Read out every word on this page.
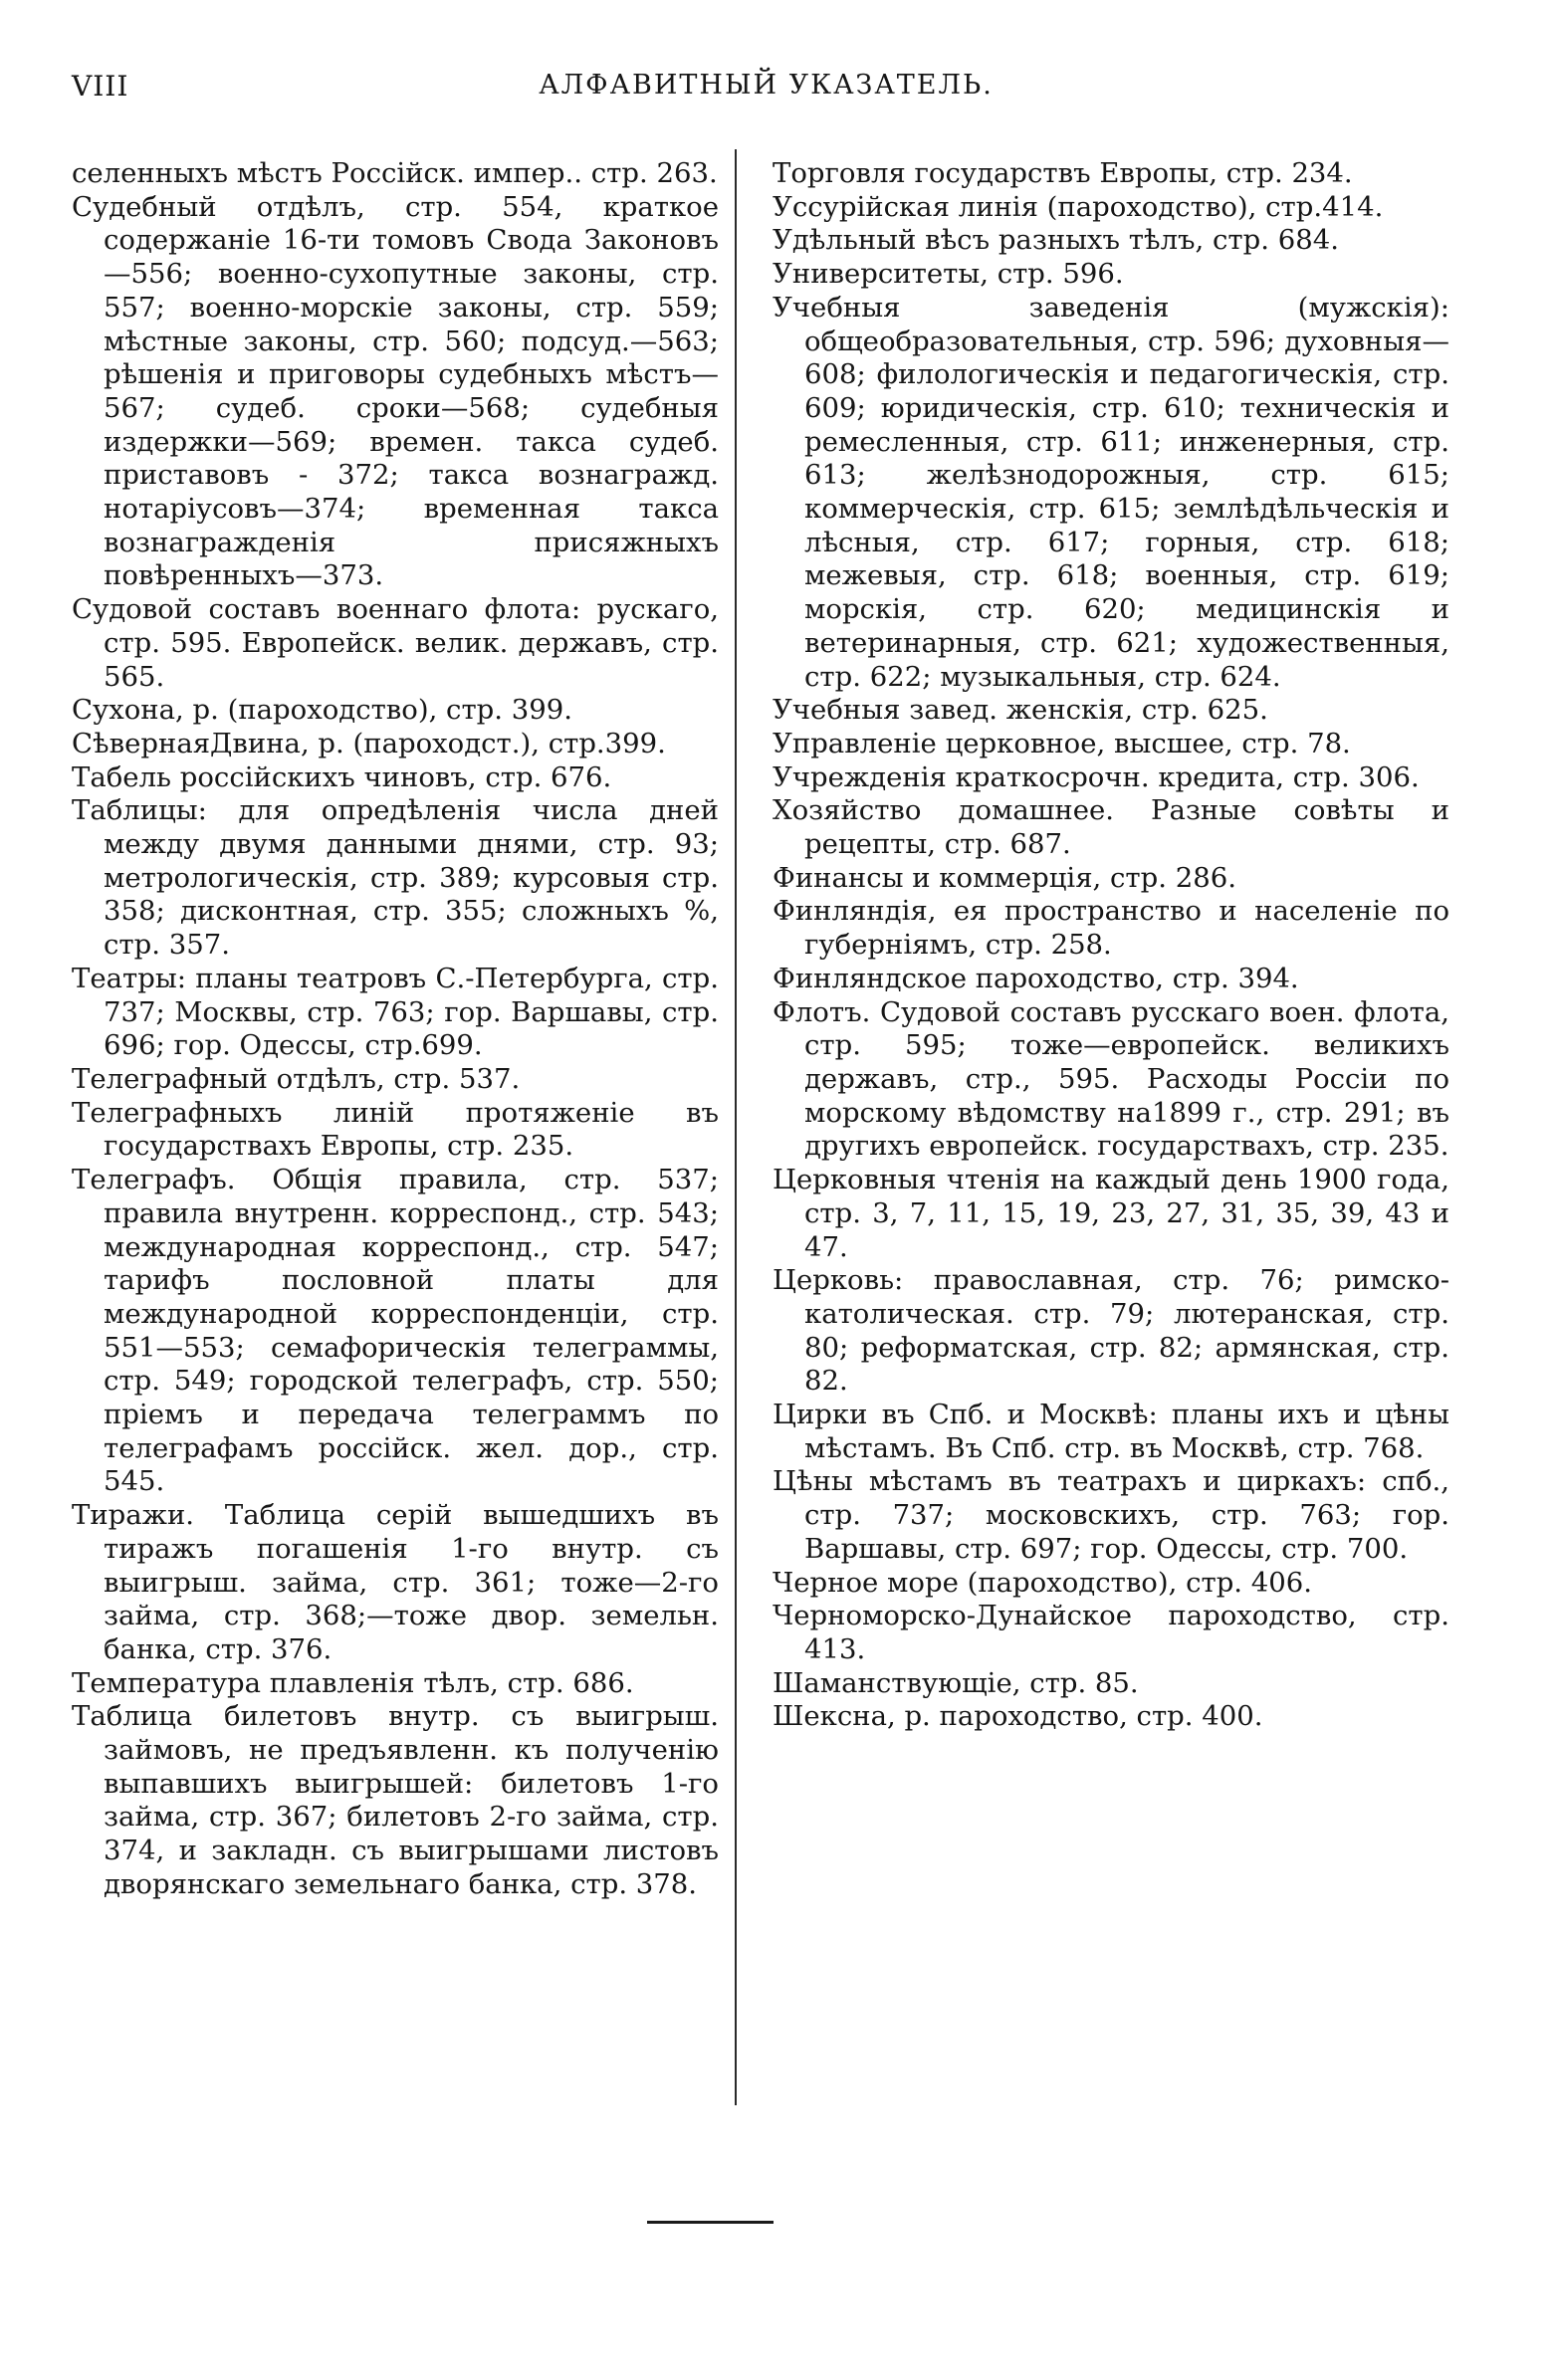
VIII	АЛФАВИТНЫЙ УКАЗАТЕЛЬ.

селенныхъ мѣстъ Россійск. импер.. стр. 263.

Судебный отдѣлъ, стр. 554, краткое содержаніе 16-ти томовъ Свода Законовъ—556; военно-сухопутные законы, стр. 557; военно-морскіе законы, стр. 559; мѣстные законы, стр. 560; подсуд.—563; рѣшенія и приговоры судебныхъ мѣстъ—567; судеб. сроки—568; судебныя издержки—569; времен. такса судеб. приставовъ - 372; такса вознагражд. нотаріусовъ—374; временная такса вознагражденія присяжныхъ повѣренныхъ—373.

Судовой составъ военнаго флота: рускаго, стр. 595. Европейск. велик. державъ, стр. 565.

Сухона, р. (пароходство), стр. 399.

СѣвернаяДвина, р. (пароходст.), стр.399.

Табель россійскихъ чиновъ, стр. 676.

Таблицы: для опредѣленія числа дней между двумя данными днями, стр. 93; метрологическія, стр. 389; курсовыя стр. 358; дисконтная, стр. 355; сложныхъ %, стр. 357.

Театры: планы театровъ С.-Петербурга, стр. 737; Москвы, стр. 763; гор. Варшавы, стр. 696; гор. Одессы, стр.699.

Телеграфный отдѣлъ, стр. 537.

Телеграфныхъ линій протяженіе въ государствахъ Европы, стр. 235.

Телеграфъ. Общія правила, стр. 537; правила внутренн. корреспонд., стр. 543; международная корреспонд., стр. 547; тарифъ пословной платы для международной корреспонденціи, стр. 551—553; семафорическія телеграммы, стр. 549; городской телеграфъ, стр. 550; пріемъ и передача телеграммъ по телеграфамъ россійск. жел. дор., стр. 545.

Тиражи. Таблица серій вышедшихъ въ тиражъ погашенія 1-го внутр. съ выигрыш. займа, стр. 361; тоже—2-го займа, стр. 368;—тоже двор. земельн. банка, стр. 376.

Температура плавленія тѣлъ, стр. 686.

Таблица билетовъ внутр. съ выигрыш. займовъ, не предъявленн. къ полученію выпавшихъ выигрышей: билетовъ 1-го займа, стр. 367; билетовъ 2-го займа, стр. 374, и закладн. съ выигрышами листовъ дворянскаго земельнаго банка, стр. 378.

Торговля государствъ Европы, стр. 234.

Уссурійская линія (пароходство), стр.414.

Удѣльный вѣсъ разныхъ тѣлъ, стр. 684.

Университеты, стр. 596.

Учебныя заведенія (мужскія): общеобразовательныя, стр. 596; духовныя—608; филологическія и педагогическія, стр. 609; юридическія, стр. 610; техническія и ремесленныя, стр. 611; инженерныя, стр. 613; желѣзнодорожныя, стр. 615; коммерческія, стр. 615; землѣдѣльческія и лѣсныя, стр. 617; горныя, стр. 618; межевыя, стр. 618; военныя, стр. 619; морскія, стр. 620; медицинскія и ветеринарныя, стр. 621; художественныя, стр. 622; музыкальныя, стр. 624.

Учебныя завед. женскія, стр. 625.

Управленіе церковное, высшее, стр. 78.

Учрежденія краткосрочн. кредита, стр. 306.

Хозяйство домашнее. Разные совѣты и рецепты, стр. 687.

Финансы и коммерція, стр. 286.

Финляндія, ея пространство и населеніе по губерніямъ, стр. 258.

Финляндское пароходство, стр. 394.

Флотъ. Судовой составъ русскаго воен. флота, стр. 595; тоже—европейск. великихъ державъ, стр., 595. Расходы Россіи по морскому вѣдомству на1899 г., стр. 291; въ другихъ европейск. государствахъ, стр. 235.

Церковныя чтенія на каждый день 1900 года, стр. 3, 7, 11, 15, 19, 23, 27, 31, 35, 39, 43 и 47.

Церковь: православная, стр. 76; римско-католическая. стр. 79; лютеранская, стр. 80; реформатская, стр. 82; армянская, стр. 82.

Цирки въ Спб. и Москвѣ: планы ихъ и цѣны мѣстамъ. Въ Спб. стр. въ Москвѣ, стр. 768.

Цѣны мѣстамъ въ театрахъ и циркахъ: спб., стр. 737; московскихъ, стр. 763; гор. Варшавы, стр. 697; гор. Одессы, стр. 700.

Черное море (пароходство), стр. 406.

Черноморско-Дунайское пароходство, стр. 413.

Шаманствующіе, стр. 85.

Шексна, р. пароходство, стр. 400.
